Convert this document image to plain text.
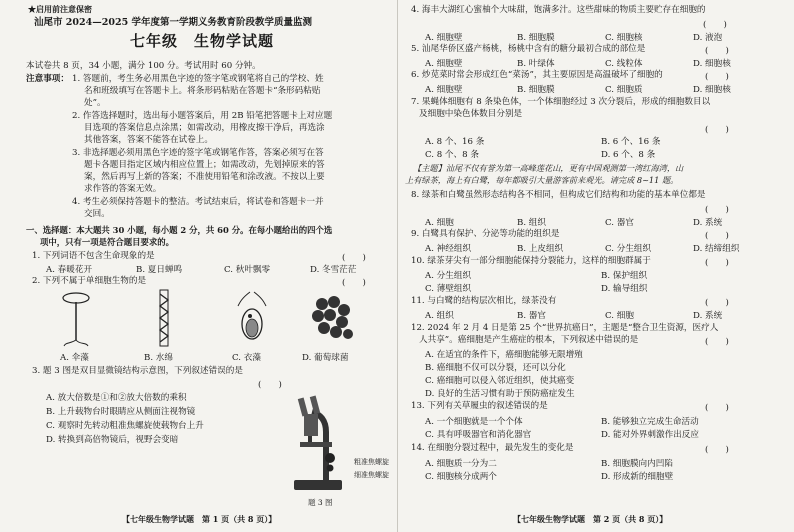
★启用前注意保密
汕尾市 2024—2025 学年度第一学期义务教育阶段教学质量监测
七年级　生物学试题
本试卷共 8 页，34 小题，满分 100 分。考试用时 60 分钟。
注意事项： 1. 答题前，考生务必用黑色字迹的签字笔或钢笔将自己的学校、姓
名和班级填写在答题卡上。将条形码粘贴在答题卡“条形码粘贴
处”。
2. 作答选择题时，选出每小题答案后，用 2B 铅笔把答题卡上对应题
目选项的答案信息点涂黑；如需改动，用橡皮擦干净后，再选涂
其他答案，答案不能答在试卷上。
3. 非选择题必须用黑色字迹的签字笔或钢笔作答，答案必须写在答
题卡各题目指定区域内相应位置上；如需改动，先划掉原来的答
案，然后再写上新的答案；不准使用铅笔和涂改液。不按以上要
求作答的答案无效。
4. 考生必须保持答题卡的整洁。考试结束后，将试卷和答题卡一并
交回。
一、选择题：本大题共 30 小题，每小题 2 分，共 60 分。在每小题给出的四个选
项中，只有一项是符合题目要求的。
1. 下列词语不包含生命现象的是	(　　)
A. 春暖花开	B. 夏日蝉鸣	C. 秋叶飘零	D. 冬雪茫茫
2. 下列不属于单细胞生物的是	(　　)
A. 伞藻	B. 水绵	C. 衣藻	D. 葡萄球菌
3. 题 3 图是双目显微镜结构示意图，下列叙述错误的是
(　　)
A. 放大倍数是①和②放大倍数的乘积
B. 上升载物台时眼睛应从侧面注视物镜
C. 观察时先转动粗准焦螺旋使载物台上升
D. 转换到高倍物镜后，视野会变暗
粗准焦螺旋
细准焦螺旋
题 3 图
【七年级生物学试题　第 1 页（共 8 页）】
4. 海丰大湖红心蜜柚个大味甜，饱满多汁。这些甜味的物质主要贮存在细胞的
(　　)
A. 细胞壁	B. 细胞膜	C. 细胞核	D. 液泡
5. 汕尾华侨区盛产杨桃，杨桃中含有的糖分最初合成的部位是	(　　)
A. 细胞壁	B. 叶绿体	C. 线粒体	D. 细胞核
6. 炒苋菜时常会形成红色“菜汤”，其主要原因是高温破坏了细胞的	(　　)
A. 细胞壁	B. 细胞膜	C. 细胞质	D. 细胞核
7. 果蝇体细胞有 8 条染色体，一个体细胞经过 3 次分裂后，形成的细胞数目以
及细胞中染色体数目分别是
(　　)
A. 8 个、16 条	B. 6 个、16 条
C. 8 个、8 条	D. 6 个、8 条
【主题】汕尾不仅有誉为第一高峰莲花山，更有中国观测第一湾红海湾，山
上有绿茶，海上有白鹭，每年都吸引大量游客前来观光。请完成 8~11 题。
8. 绿茶和白鹭虽然形态结构各不相同，但构成它们结构和功能的基本单位都是
(　　)
A. 细胞	B. 组织	C. 器官	D. 系统
9. 白鹭具有保护、分泌等功能的组织是	(　　)
A. 神经组织	B. 上皮组织	C. 分生组织	D. 结缔组织
10. 绿茶芽尖有一部分细胞能保持分裂能力，这样的细胞群属于	(　　)
A. 分生组织	B. 保护组织
C. 薄壁组织	D. 输导组织
11. 与白鹭的结构层次相比，绿茶没有	(　　)
A. 组织	B. 器官	C. 细胞	D. 系统
12. 2024 年 2 月 4 日是第 25 个“世界抗癌日”，主题是“整合卫生资源，医疗人
人共享”。癌细胞是产生癌症的根本，下列叙述中错误的是	(　　)
A. 在适宜的条件下，癌细胞能够无限增殖
B. 癌细胞不仅可以分裂，还可以分化
C. 癌细胞可以侵入邻近组织，使其癌变
D. 良好的生活习惯有助于预防癌症发生
13. 下列有关草履虫的叙述错误的是	(　　)
A. 一个细胞就是一个个体	B. 能够独立完成生命活动
C. 具有呼吸器官和消化器官	D. 能对外界刺激作出反应
14. 在细胞分裂过程中，最先发生的变化是	(　　)
A. 细胞质一分为二	B. 细胞膜向内凹陷
C. 细胞核分成两个	D. 形成新的细胞壁
【七年级生物学试题　第 2 页（共 8 页）】
